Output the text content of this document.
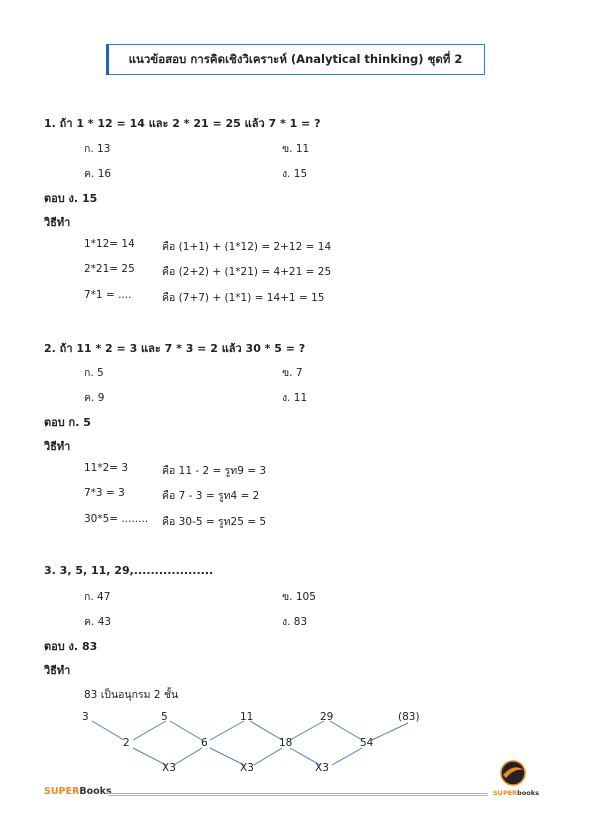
แนวข้อสอบ การคิดเชิงวิเคราะห์ (Analytical thinking) ชุดที่ 2
1. ถ้า 1 * 12 = 14 และ 2 * 21 = 25 แล้ว 7 * 1 = ?
ก. 13	ข. 11
ค. 16	ง. 15
ตอบ ง. 15
วิธีทำ
1*12= 14	คือ (1+1) + (1*12) = 2+12 = 14
2*21= 25	คือ (2+2) + (1*21) = 4+21 = 25
7*1 = ....	คือ (7+7) + (1*1) = 14+1 = 15
2. ถ้า 11 * 2 = 3 และ 7 * 3 = 2 แล้ว 30 * 5 = ?
ก. 5	ข. 7
ค. 9	ง. 11
ตอบ ก. 5
วิธีทำ
11*2= 3	คือ 11 - 2 = รูท9 = 3
7*3 = 3	คือ 7 - 3 = รูท4 = 2
30*5= ........ คือ 30-5 = รูท25 = 5
3. 3, 5, 11, 29,...................
ก. 47	ข. 105
ค. 43	ง. 83
ตอบ ง. 83
วิธีทำ
83 เป็นอนุกรม 2 ชั้น
3	5	11	29	(83)
2	6	18	54
X3	X3	X3
SUPERBooks	SUPERbooks
